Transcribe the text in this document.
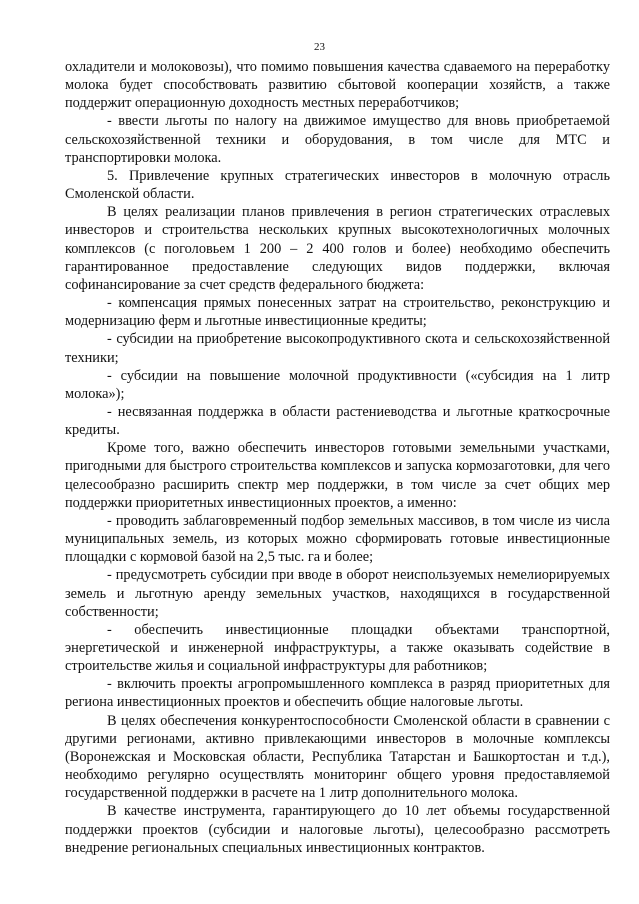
23

охладители и молоковозы), что помимо повышения качества сдаваемого на переработку молока будет способствовать развитию сбытовой кооперации хозяйств, а также поддержит операционную доходность местных переработчиков;

- ввести льготы по налогу на движимое имущество для вновь приобретаемой сельскохозяйственной техники и оборудования, в том числе для МТС и транспортировки молока.

5. Привлечение крупных стратегических инвесторов в молочную отрасль Смоленской области.

В целях реализации планов привлечения в регион стратегических отраслевых инвесторов и строительства нескольких крупных высокотехнологичных молочных комплексов (с поголовьем 1 200 – 2 400 голов и более) необходимо обеспечить гарантированное предоставление следующих видов поддержки, включая софинансирование за счет средств федерального бюджета:

- компенсация прямых понесенных затрат на строительство, реконструкцию и модернизацию ферм и льготные инвестиционные кредиты;

- субсидии на приобретение высокопродуктивного скота и сельскохозяйственной техники;

- субсидии на повышение молочной продуктивности («субсидия на 1 литр молока»);

- несвязанная поддержка в области растениеводства и льготные краткосрочные кредиты.

Кроме того, важно обеспечить инвесторов готовыми земельными участками, пригодными для быстрого строительства комплексов и запуска кормозаготовки, для чего целесообразно расширить спектр мер поддержки, в том числе за счет общих мер поддержки приоритетных инвестиционных проектов, а именно:

- проводить заблаговременный подбор земельных массивов, в том числе из числа муниципальных земель, из которых можно сформировать готовые инвестиционные площадки с кормовой базой на 2,5 тыс. га и более;

- предусмотреть субсидии при вводе в оборот неиспользуемых немелиорируемых земель и льготную аренду земельных участков, находящихся в государственной собственности;

- обеспечить инвестиционные площадки объектами транспортной, энергетической и инженерной инфраструктуры, а также оказывать содействие в строительстве жилья и социальной инфраструктуры для работников;

- включить проекты агропромышленного комплекса в разряд приоритетных для региона инвестиционных проектов и обеспечить общие налоговые льготы.

В целях обеспечения конкурентоспособности Смоленской области в сравнении с другими регионами, активно привлекающими инвесторов в молочные комплексы (Воронежская и Московская области, Республика Татарстан и Башкортостан и т.д.), необходимо регулярно осуществлять мониторинг общего уровня предоставляемой государственной поддержки в расчете на 1 литр дополнительного молока.

В качестве инструмента, гарантирующего до 10 лет объемы государственной поддержки проектов (субсидии и налоговые льготы), целесообразно рассмотреть внедрение региональных специальных инвестиционных контрактов.
